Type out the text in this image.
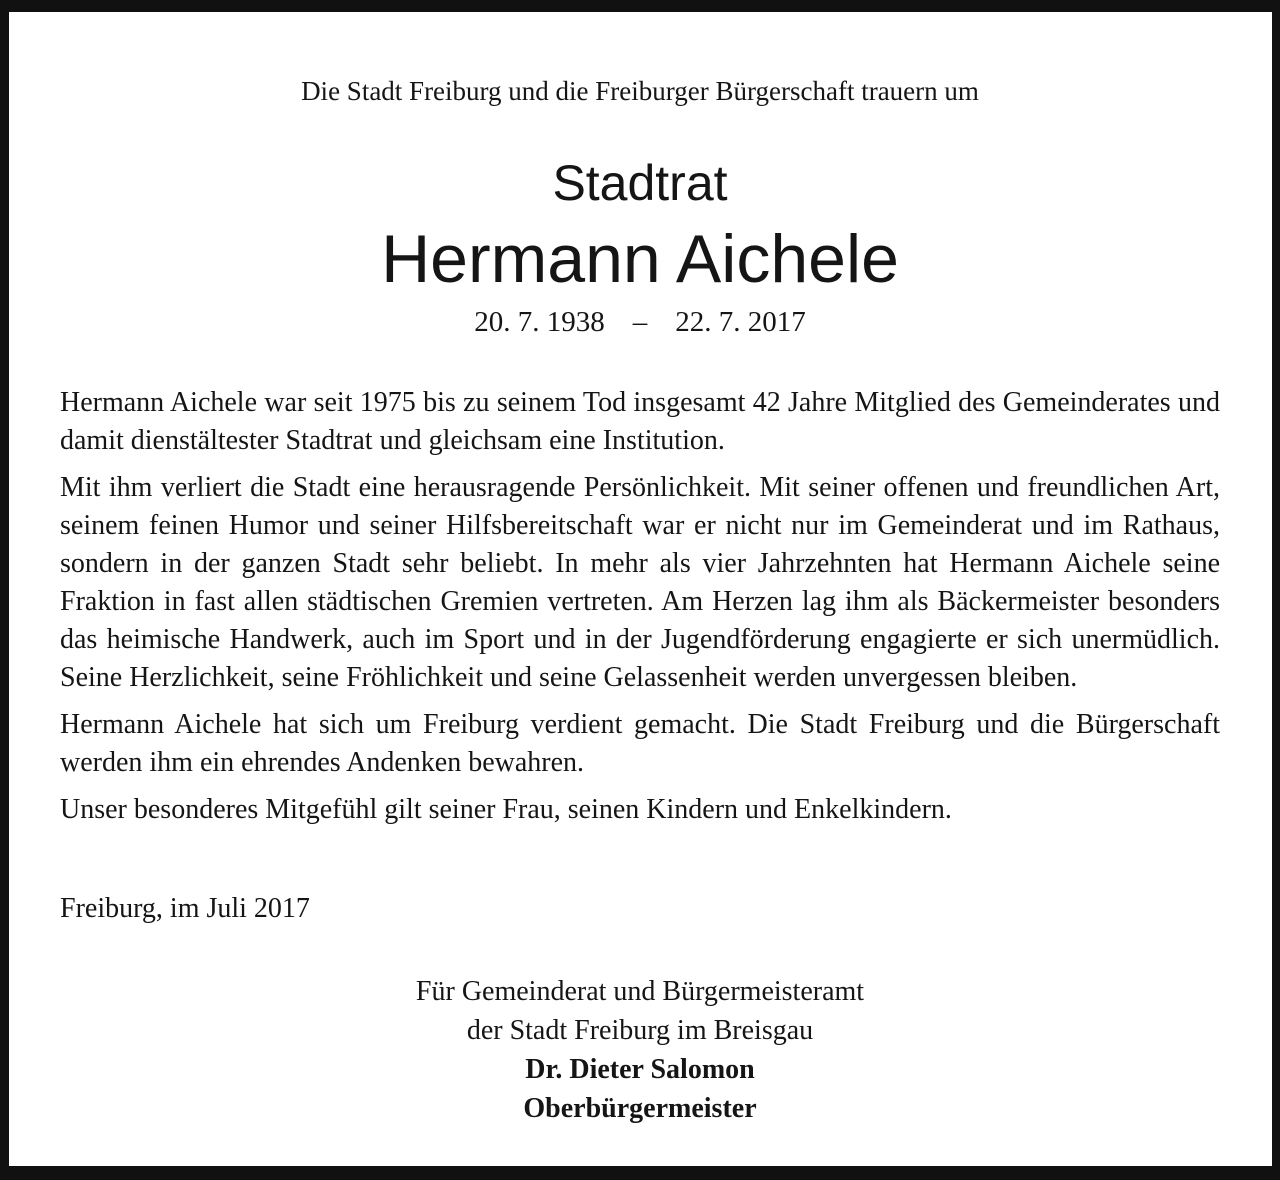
Die Stadt Freiburg und die Freiburger Bürgerschaft trauern um
Stadtrat
Hermann Aichele
20. 7. 1938 – 22. 7. 2017

Hermann Aichele war seit 1975 bis zu seinem Tod insgesamt 42 Jahre Mitglied des Gemeinderates und damit dienstältester Stadtrat und gleichsam eine Institution.

Mit ihm verliert die Stadt eine herausragende Persönlichkeit. Mit seiner offenen und freundlichen Art, seinem feinen Humor und seiner Hilfsbereitschaft war er nicht nur im Gemeinderat und im Rathaus, sondern in der ganzen Stadt sehr beliebt. In mehr als vier Jahrzehnten hat Hermann Aichele seine Fraktion in fast allen städtischen Gremien vertreten. Am Herzen lag ihm als Bäckermeister besonders das heimische Handwerk, auch im Sport und in der Jugendförderung engagierte er sich unermüdlich. Seine Herzlichkeit, seine Fröhlichkeit und seine Gelassenheit werden unvergessen bleiben.

Hermann Aichele hat sich um Freiburg verdient gemacht. Die Stadt Freiburg und die Bürgerschaft werden ihm ein ehrendes Andenken bewahren.

Unser besonderes Mitgefühl gilt seiner Frau, seinen Kindern und Enkelkindern.

Freiburg, im Juli 2017
Für Gemeinderat und Bürgermeisteramt
der Stadt Freiburg im Breisgau
Dr. Dieter Salomon
Oberbürgermeister
